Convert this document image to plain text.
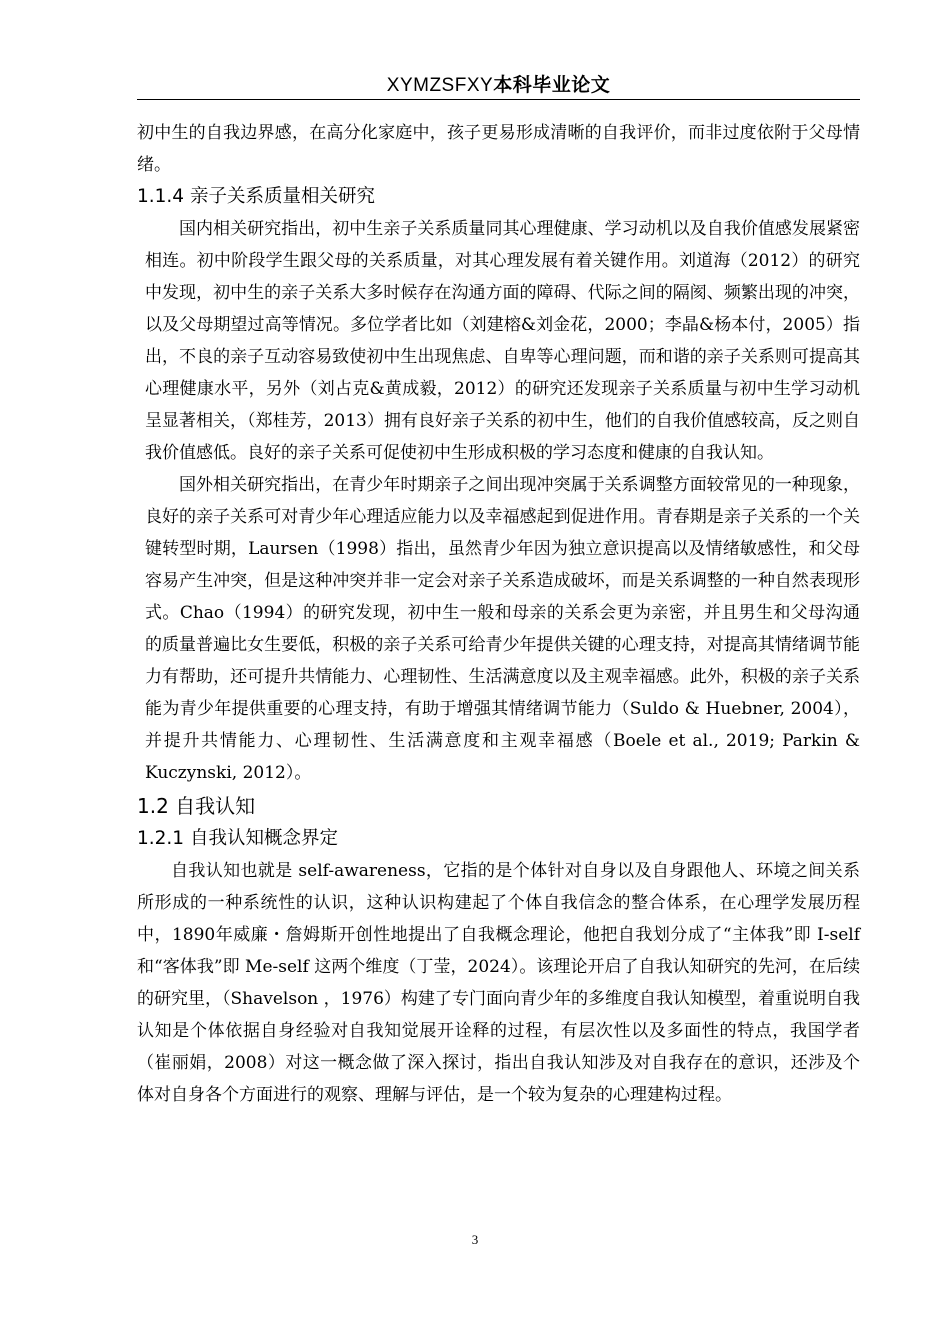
XYMZSFXY本科毕业论文

初中生的自我边界感，在高分化家庭中，孩子更易形成清晰的自我评价，而非过度依附于父母情绪。

1.1.4 亲子关系质量相关研究

国内相关研究指出，初中生亲子关系质量同其心理健康、学习动机以及自我价值感发展紧密相连。初中阶段学生跟父母的关系质量，对其心理发展有着关键作用。刘道海（2012）的研究中发现，初中生的亲子关系大多时候存在沟通方面的障碍、代际之间的隔阂、频繁出现的冲突，以及父母期望过高等情况。多位学者比如（刘建榕&刘金花，2000；李晶&杨本付，2005）指出，不良的亲子互动容易致使初中生出现焦虑、自卑等心理问题，而和谐的亲子关系则可提高其心理健康水平，另外（刘占克&黄成毅，2012）的研究还发现亲子关系质量与初中生学习动机呈显著相关，（郑桂芳，2013）拥有良好亲子关系的初中生，他们的自我价值感较高，反之则自我价值感低。良好的亲子关系可促使初中生形成积极的学习态度和健康的自我认知。

国外相关研究指出，在青少年时期亲子之间出现冲突属于关系调整方面较常见的一种现象，良好的亲子关系可对青少年心理适应能力以及幸福感起到促进作用。青春期是亲子关系的一个关键转型时期，Laursen（1998）指出，虽然青少年因为独立意识提高以及情绪敏感性，和父母容易产生冲突，但是这种冲突并非一定会对亲子关系造成破坏，而是关系调整的一种自然表现形式。Chao（1994）的研究发现，初中生一般和母亲的关系会更为亲密，并且男生和父母沟通的质量普遍比女生要低，积极的亲子关系可给青少年提供关键的心理支持，对提高其情绪调节能力有帮助，还可提升共情能力、心理韧性、生活满意度以及主观幸福感。此外，积极的亲子关系能为青少年提供重要的心理支持，有助于增强其情绪调节能力（Suldo & Huebner, 2004），并提升共情能力、心理韧性、生活满意度和主观幸福感（Boele et al., 2019; Parkin & Kuczynski, 2012）。

1.2 自我认知
1.2.1 自我认知概念界定

自我认知也就是 self-awareness，它指的是个体针对自身以及自身跟他人、环境之间关系所形成的一种系统性的认识，这种认识构建起了个体自我信念的整合体系，在心理学发展历程中，1890年威廉・詹姆斯开创性地提出了自我概念理论，他把自我划分成了“主体我”即 I-self 和“客体我”即 Me-self 这两个维度（丁莹，2024）。该理论开启了自我认知研究的先河，在后续的研究里，（Shavelson ，1976）构建了专门面向青少年的多维度自我认知模型，着重说明自我认知是个体依据自身经验对自我知觉展开诠释的过程，有层次性以及多面性的特点，我国学者（崔丽娟，2008）对这一概念做了深入探讨，指出自我认知涉及对自我存在的意识，还涉及个体对自身各个方面进行的观察、理解与评估，是一个较为复杂的心理建构过程。

3
